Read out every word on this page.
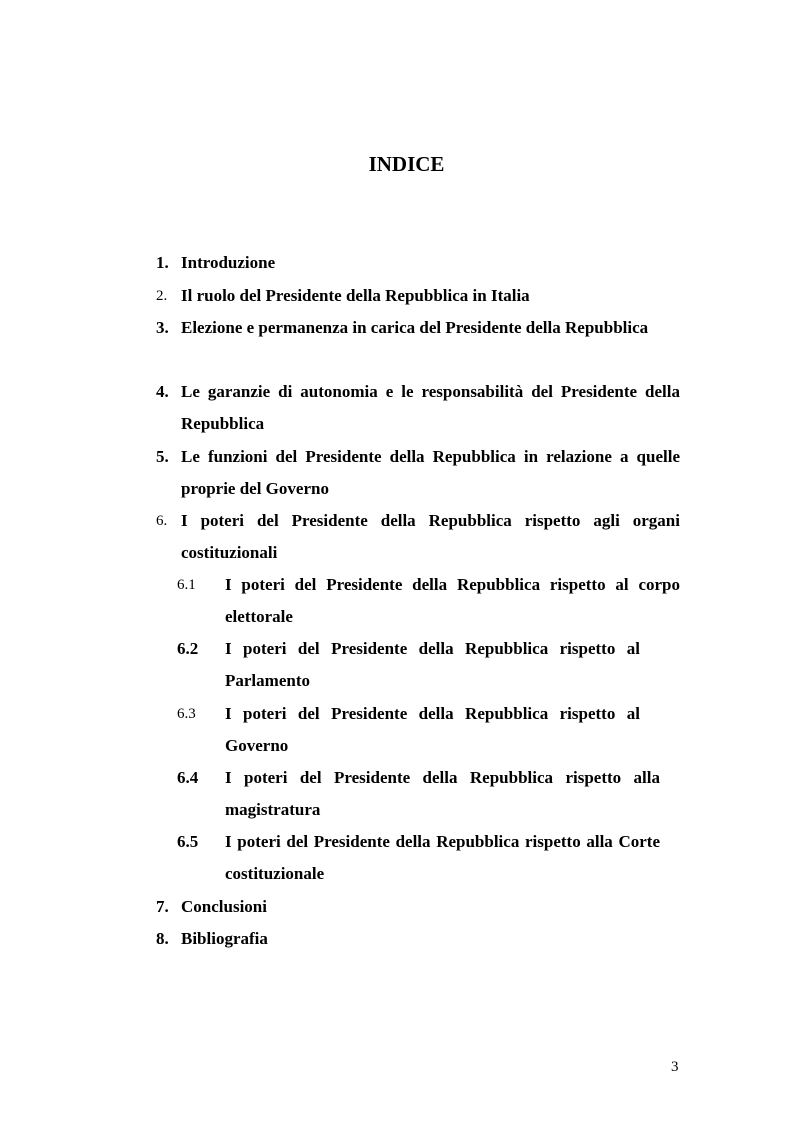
INDICE
1. Introduzione
2. Il ruolo del Presidente della Repubblica in Italia
3. Elezione e permanenza in carica del Presidente della Repubblica
4. Le garanzie di autonomia e le responsabilità del Presidente della Repubblica
5. Le funzioni del Presidente della Repubblica in relazione a quelle proprie del Governo
6. I poteri del Presidente della Repubblica rispetto agli organi costituzionali
6.1 I poteri del Presidente della Repubblica rispetto al corpo elettorale
6.2 I poteri del Presidente della Repubblica rispetto al Parlamento
6.3 I poteri del Presidente della Repubblica rispetto al Governo
6.4 I poteri del Presidente della Repubblica rispetto alla magistratura
6.5 I poteri del Presidente della Repubblica rispetto alla Corte costituzionale
7. Conclusioni
8. Bibliografia
3
